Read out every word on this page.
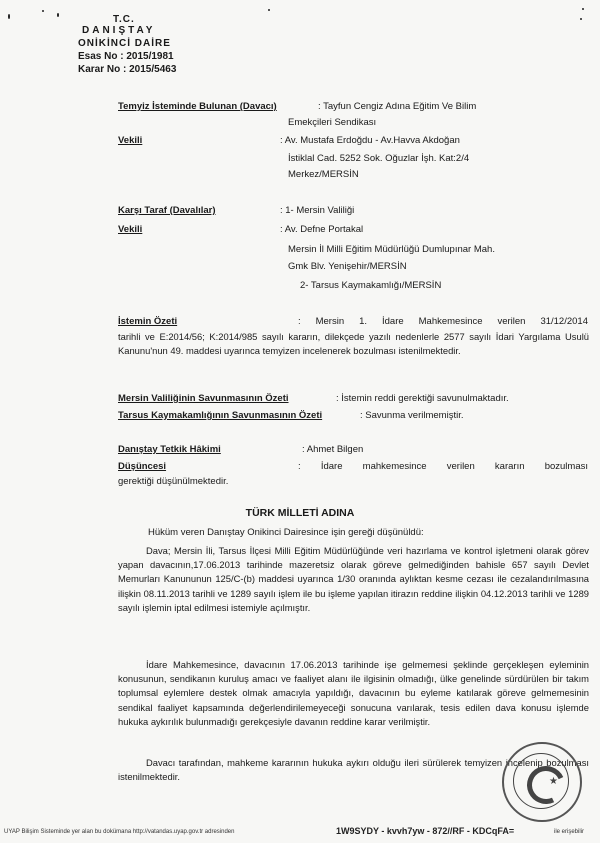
T.C.
DANIŞTAY
ONİKİNCİ DAİRE
Esas No : 2015/1981
Karar No : 2015/5463
Temyiz İsteminde Bulunan (Davacı)	: Tayfun Cengiz Adına Eğitim Ve Bilim
Emekçileri Sendikası
Vekili	: Av. Mustafa Erdoğdu - Av.Havva Akdoğan
İstiklal Cad. 5252 Sok. Oğuzlar İşh. Kat:2/4
Merkez/MERSİN
Karşı Taraf (Davalılar)	: 1- Mersin Valiliği
Vekili	: Av. Defne Portakal
Mersin İl Milli Eğitim Müdürlüğü Dumlupınar Mah.
Gmk Blv. Yenişehir/MERSİN
2- Tarsus Kaymakamlığı/MERSİN
İstemin Özeti	: Mersin 1. İdare Mahkemesince verilen 31/12/2014
tarihli ve E:2014/56; K:2014/985 sayılı kararın, dilekçede yazılı nedenlerle 2577 sayılı İdari Yargılama Usulü Kanunu'nun 49. maddesi uyarınca temyizen incelenerek bozulması istenilmektedir.
Mersin Valiliğinin Savunmasının Özeti	: İstemin reddi gerektiği savunulmaktadır.
Tarsus Kaymakamlığının Savunmasının Özeti	: Savunma verilmemiştir.
Danıştay Tetkik Hâkimi	: Ahmet Bilgen
Düşüncesi	: İdare mahkemesince verilen kararın bozulması
gerektiği düşünülmektedir.
TÜRK MİLLETİ ADINA
Hüküm veren Danıştay Onikinci Dairesince işin gereği düşünüldü:
Dava; Mersin İli, Tarsus İlçesi Milli Eğitim Müdürlüğünde veri hazırlama ve kontrol işletmeni olarak görev yapan davacının,17.06.2013 tarihinde mazeretsiz olarak göreve gelmediğinden bahisle 657 sayılı Devlet Memurları Kanununun 125/C-(b) maddesi uyarınca 1/30 oranında aylıktan kesme cezası ile cezalandırılmasına ilişkin 08.11.2013 tarihli ve 1289 sayılı işlem ile bu işleme yapılan itirazın reddine ilişkin 04.12.2013 tarihli ve 1289 sayılı işlemin iptal edilmesi istemiyle açılmıştır.
İdare Mahkemesince, davacının 17.06.2013 tarihinde işe gelmemesi şeklinde gerçekleşen eyleminin konusunun, sendikanın kuruluş amacı ve faaliyet alanı ile ilgisinin olmadığı, ülke genelinde sürdürülen bir takım toplumsal eylemlere destek olmak amacıyla yapıldığı, davacının bu eyleme katılarak göreve gelmemesinin sendikal faaliyet kapsamında değerlendirilemeyeceği sonucuna varılarak, tesis edilen dava konusu işlemde hukuka aykırılık bulunmadığı gerekçesiyle davanın reddine karar verilmiştir.
Davacı tarafından, mahkeme kararının hukuka aykırı olduğu ileri sürülerek temyizen incelenip bozulması istenilmektedir.	★
UYAP Bilişim Sisteminde yer alan bu dokümana http://vatandas.uyap.gov.tr adresinden	1W9SYDY - kvvh7yw - 872//RF - KDCqFA=	ile erişebilir
